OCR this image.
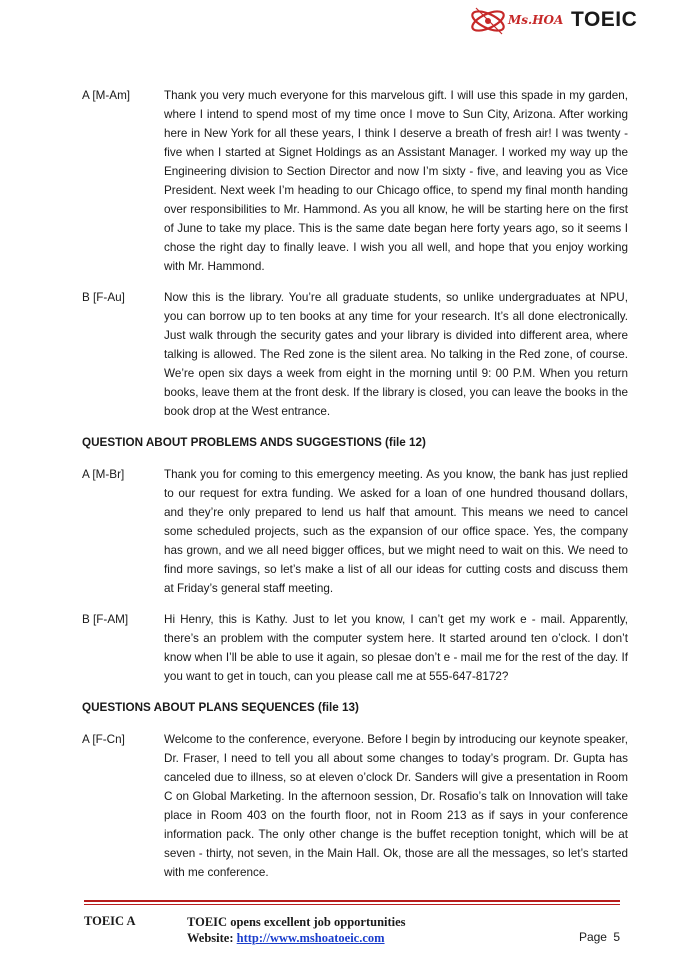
Ms.HOA TOEIC
A [M-Am]	Thank you very much everyone for this marvelous gift. I will use this spade in my garden, where I intend to spend most of my time once I move to Sun City, Arizona. After working here in New York for all these years, I think I deserve a breath of fresh air! I was twenty - five when I started at Signet Holdings as an Assistant Manager. I worked my way up the Engineering division to Section Director and now I’m sixty - five, and leaving you as Vice President. Next week I’m heading to our Chicago office, to spend my final month handing over responsibilities to Mr. Hammond. As you all know, he will be starting here on the first of June to take my place. This is the same date began here forty years ago, so it seems I chose the right day to finally leave. I wish you all well, and hope that you enjoy working with Mr. Hammond.
B [F-Au]	Now this is the library. You’re all graduate students, so unlike undergraduates at NPU, you can borrow up to ten books at any time for your research. It’s all done electronically. Just walk through the security gates and your library is divided into different area, where talking is allowed. The Red zone is the silent area. No talking in the Red zone, of course. We’re open six days a week from eight in the morning until 9: 00 P.M. When you return books, leave them at the front desk. If the library is closed, you can leave the books in the book drop at the West entrance.
QUESTION ABOUT PROBLEMS ANDS SUGGESTIONS (file 12)
A [M-Br]	Thank you for coming to this emergency meeting. As you know, the bank has just replied to our request for extra funding. We asked for a loan of one hundred thousand dollars, and they’re only prepared to lend us half that amount. This means we need to cancel some scheduled projects, such as the expansion of our office space. Yes, the company has grown, and we all need bigger offices, but we might need to wait on this. We need to find more savings, so let’s make a list of all our ideas for cutting costs and discuss them at Friday’s general staff meeting.
B [F-AM]	Hi Henry, this is Kathy. Just to let you know, I can’t get my work e - mail. Apparently, there’s an problem with the computer system here. It started around ten o’clock. I don’t know when I’ll be able to use it again, so plesae don’t e - mail me for the rest of the day. If you want to get in touch, can you please call me at 555-647-8172?
QUESTIONS ABOUT PLANS SEQUENCES (file 13)
A [F-Cn]	Welcome to the conference, everyone. Before I begin by introducing our keynote speaker, Dr. Fraser, I need to tell you all about some changes to today’s program. Dr. Gupta has canceled due to illness, so at eleven o’clock Dr. Sanders will give a presentation in Room C on Global Marketing. In the afternoon session, Dr. Rosafio’s talk on Innovation will take place in Room 403 on the fourth floor, not in Room 213 as if says in your conference information pack. The only other change is the buffet reception tonight, which will be at seven - thirty, not seven, in the Main Hall. Ok, those are all the messages, so let’s started with me conference.
TOEIC A	TOEIC opens excellent job opportunities
Website: http://www.mshoatoeic.com	Page 5
